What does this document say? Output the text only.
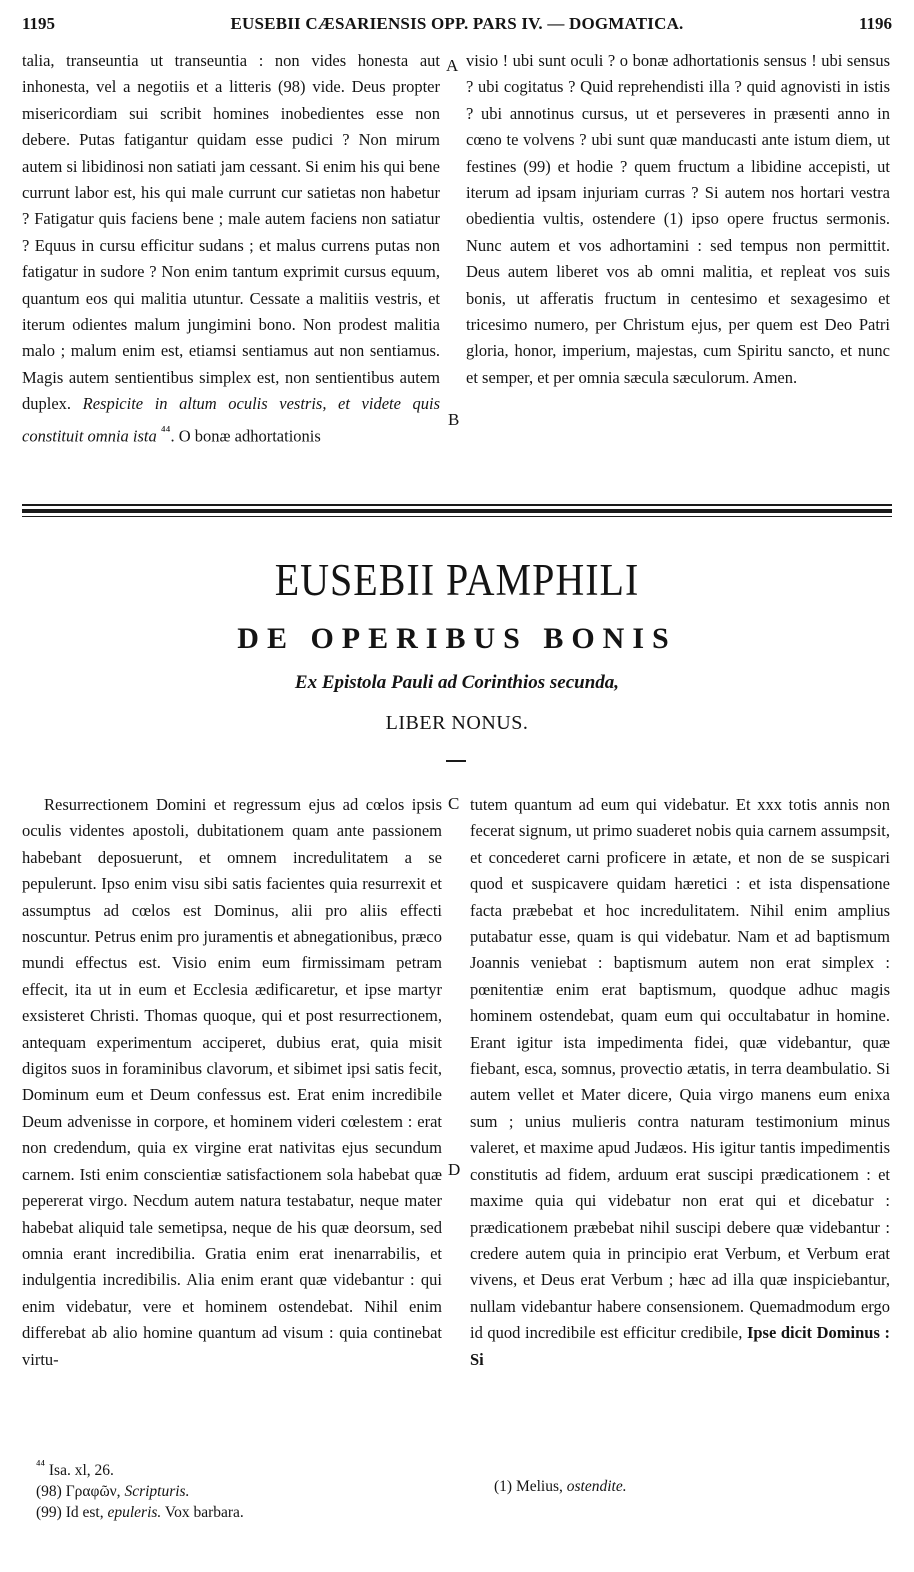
1195	EUSEBII CÆSARIENSIS OPP. PARS IV. — DOGMATICA.	1196

talia, transeuntia ut transeuntia : non vides honesta aut inhonesta, vel a negotiis et a litteris (98) vide. Deus propter misericordiam sui scribit homines inobedientes esse non debere. Putas fatigantur quidam esse pudici ? Non mirum autem si libidinosi non satiati jam cessant. Si enim his qui bene currunt labor est, his qui male currunt cur satietas non habetur ? Fatigatur quis faciens bene ; male autem faciens non satiatur ? Equus in cursu efficitur sudans ; et malus currens putas non fatigatur in sudore ? Non enim tantum exprimit cursus equum, quantum eos qui malitia utuntur. Cessate a malitiis vestris, et iterum odientes malum jungimini bono. Non prodest malitia malo ; malum enim est, etiamsi sentiamus aut non sentiamus. Magis autem sentientibus simplex est, non sentientibus autem duplex. Respicite in altum oculis vestris, et videte quis constituit omnia ista $^{^{44}}$. O bonæ adhortationis

A
B

visio ! ubi sunt oculi ? o bonæ adhortationis sensus ! ubi sensus ? ubi cogitatus ? Quid reprehendisti illa ? quid agnovisti in istis ? ubi annotinus cursus, ut et perseveres in præsenti anno in cœno te volvens ? ubi sunt quæ manducasti ante istum diem, ut festines (99) et hodie ? quem fructum a libidine accepisti, ut iterum ad ipsam injuriam curras ? Si autem nos hortari vestra obedientia vultis, ostendere (1) ipso opere fructus sermonis. Nunc autem et vos adhortamini : sed tempus non permittit. Deus autem liberet vos ab omni malitia, et repleat vos suis bonis, ut afferatis fructum in centesimo et sexagesimo et tricesimo numero, per Christum ejus, per quem est Deo Patri gloria, honor, imperium, majestas, cum Spiritu sancto, et nunc et semper, et per omnia sæcula sæculorum. Amen.

EUSEBII PAMPHILI
DE OPERIBUS BONIS
Ex Epistola Pauli ad Corinthios secunda,
LIBER NONUS.

Resurrectionem Domini et regressum ejus ad cœlos ipsis oculis videntes apostoli, dubitationem quam ante passionem habebant deposuerunt, et omnem incredulitatem a se pepulerunt. Ipso enim visu sibi satis facientes quia resurrexit et assumptus ad cœlos est Dominus, alii pro aliis effecti noscuntur. Petrus enim pro juramentis et abnegationibus, præco mundi effectus est. Visio enim eum firmissimam petram effecit, ita ut in eum et Ecclesia ædificaretur, et ipse martyr exsisteret Christi. Thomas quoque, qui et post resurrectionem, antequam experimentum acciperet, dubius erat, quia misit digitos suos in foraminibus clavorum, et sibimet ipsi satis fecit, Dominum eum et Deum confessus est. Erat enim incredibile Deum advenisse in corpore, et hominem videri cœlestem : erat non credendum, quia ex virgine erat nativitas ejus secundum carnem. Isti enim conscientiæ satisfactionem sola habebat quæ pepererat virgo. Necdum autem natura testabatur, neque mater habebat aliquid tale semetipsa, neque de his quæ deorsum, sed omnia erant incredibilia. Gratia enim erat inenarrabilis, et indulgentia incredibilis. Alia enim erant quæ videbantur : qui enim videbatur, vere et hominem ostendebat. Nihil enim differebat ab alio homine quantum ad visum : quia continebat virtu-

C
D

tutem quantum ad eum qui videbatur. Et xxx totis annis non fecerat signum, ut primo suaderet nobis quia carnem assumpsit, et concederet carni proficere in ætate, et non de se suspicari quod et suspicavere quidam hæretici : et ista dispensatione facta præbebat et hoc incredulitatem. Nihil enim amplius putabatur esse, quam is qui videbatur. Nam et ad baptismum Joannis veniebat : baptismum autem non erat simplex : pœnitentiæ enim erat baptismum, quodque adhuc magis hominem ostendebat, quam eum qui occultabatur in homine. Erant igitur ista impedimenta fidei, quæ videbantur, quæ fiebant, esca, somnus, provectio ætatis, in terra deambulatio. Si autem vellet et Mater dicere, Quia virgo manens eum enixa sum ; unius mulieris contra naturam testimonium minus valeret, et maxime apud Judæos. His igitur tantis impedimentis constitutis ad fidem, arduum erat suscipi prædicationem : et maxime quia qui videbatur non erat qui et dicebatur : prædicationem præbebat nihil suscipi debere quæ videbantur : credere autem quia in principio erat Verbum, et Verbum erat vivens, et Deus erat Verbum ; hæc ad illa quæ inspiciebantur, nullam videbantur habere consensionem. Quemadmodum ergo id quod incredibile est efficitur credibile, Ipse dicit Dominus : Si

$^{^{44}}$ Isa. xl, 26.
(98) Γραφῶν, Scripturis.
(99) Id est, epuleris. Vox barbara.
(1) Melius, ostendite.
